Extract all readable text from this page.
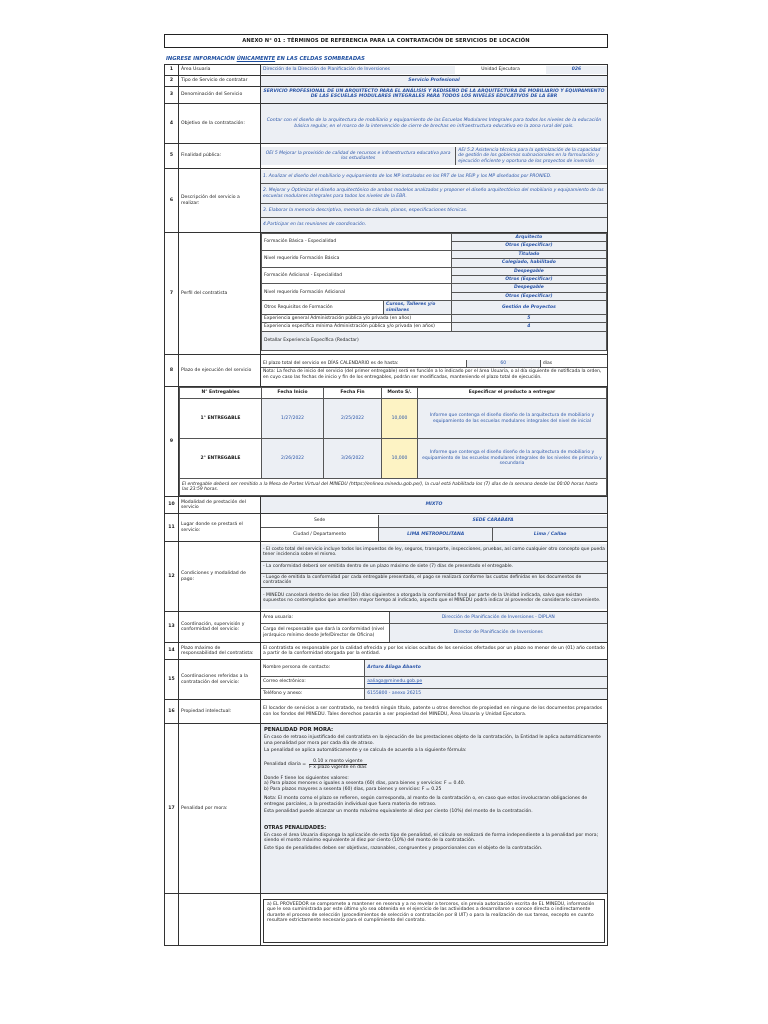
ANEXO N° 01 : TÉRMINOS DE REFERENCIA PARA LA CONTRATACIÓN DE SERVICIOS DE LOCACIÓN
INGRESE INFORMACIÓN ÚNICAMENTE EN LAS CELDAS SOMBREADAS
1	Área Usuaria		Dirección de la Dirección de Planificación de Inversiones	Unidad Ejecutora	026

2	Tipo de Servicio de contratar	Servicio Profesional
3	Denominación del Servicio	SERVICIO PROFESIONAL DE UN ARQUITECTO PARA EL ANÁLISIS Y REDISEÑO DE LA ARQUITECTURA DE MOBILIARIO Y EQUIPAMIENTO DE LAS ESCUELAS MODULARES INTEGRALES PARA TODOS LOS NIVELES EDUCATIVOS DE LA EBR
4	Objetivo de la contratación:	Contar con el diseño de la arquitectura de mobiliario y equipamiento de las Escuelas Modulares Integrales para todos los niveles de la educación básica regular, en el marco de la intervención de cierre de brechas en infraestructura educativa en la zona rural del país.
5	Finalidad pública:	
OEI 5 Mejorar la provisión de calidad de recursos e infraestructura educativa para los estudiantes	AEI 5.2 Asistencia técnica para la optimización de la capacidad de gestión de los gobiernos subnacionales en la formulación y ejecución eficiente y oportuna de los proyectos de inversión

6	Descripción del servicio a realizar:	
1. Analizar el diseño del mobiliario y equipamiento de los MP instalados en los PRT de las PEIP y los MP diseñados por PRONIED.
2. Mejorar y Optimizar el diseño arquitectónico de ambos modelos analizados y proponer el diseño arquitectónico del mobiliario y equipamiento de las escuelas modulares integrales para todos los niveles de la EBR.
3. Elaborar la memoria descriptiva, memoria de cálculo, planos, especificaciones técnicas.
4.Participar en las reuniones de coordinación.

7	Perfil del contratista	
Formación Básica - Especialidad	Arquitecto
Otros (Especificar)
Nivel requerido Formación Básica	Titulado
Colegiado, habilitado
Formación Adicional - Especialidad	Despegable
Otros (Especificar)
Nivel requerido Formación Adicional	Despegable
Otros (Especificar)

Otros Requisitos de Formación	Cursos, Talleres y/o similares
	Gestión de Proyectos
Experiencia general Administración pública y/o privada (en años)	5
Experiencia específica mínima Administración pública y/o privada (en años)	4
Detallar Experiencia Específica (Redactar)

8	Plazo de ejecución del servicio	
El plazo total del servicio en DÍAS CALENDARIO es de hasta:	60	días
Nota: La fecha de inicio del servicio (del primer entregable) será en función a lo indicado por el área Usuaria, o al día siguiente de notificada la orden, en cuyo caso las fechas de inicio y fin de los entregables, podrán ser modificadas, manteniendo el plazo total de ejecución.

9	
N° Entregables	Fecha Inicio	Fecha Fin	Monto S/.	Especificar el producto a entregar
1° ENTREGABLE	1/27/2022	2/25/2022	10,000	Informe que contenga el diseño diseño de la arquitectura de mobiliario y equipamiento de las escuelas modulares integrales del nivel de inicial
2° ENTREGABLE	2/26/2022	3/26/2022	10,000	Informe que contenga el diseño diseño de la arquitectura de mobiliario y equipamiento de las escuelas modulares integrales de los niveles de primaria y secundaria
El entregable deberá ser remitido a la Mesa de Partes Virtual del MINEDU (https://enlinea.minedu.gob.pe/), la cual está habilitada los (7) días de la semana desde las 00:00 horas hasta las 23:59 horas.

10	Modalidad de prestación del servicio	MIXTO
11	Lugar donde se prestará el servicio:	
Sede	SEDE CARABAYA
Ciudad / Departamento	LIMA METROPOLITANA	Lima / Callao

12	Condiciones y modalidad de pago:	
- El costo total del servicio incluye todos los impuestos de ley, seguros, transporte, inspecciones, pruebas, así como cualquier otro concepto que pueda tener incidencia sobre el mismo.
- La conformidad deberá ser emitida dentro de un plazo máximo de siete (7) días de presentado el entregable.
- Luego de emitida la conformidad por cada entregable presentado, el pago se realizará conforme las cuotas definidas en los documentos de contratación
- MINEDU cancelará dentro de los diez (10) días siguientes a otorgada la conformidad final por parte de la Unidad indicada, salvo que existan supuestos no contemplados que ameriten mayor tiempo al indicado, aspecto que el MINEDU podrá indicar al proveedor de considerarlo conveniente.

13	Coordinación, supervisión y conformidad del servicio:	
Área usuaria:	Dirección de Planificación de Inversiones - DIPLAN
Cargo del responsable que dará la conformidad (nivel jerárquico mínimo desde Jefe/Director de Oficina)	Director de Planificación de Inversiones

14	Plazo máximo de responsabilidad del contratista:	El contratista es responsable por la calidad ofrecida y por los vicios ocultos de los servicios ofertados por un plazo no menor de un (01) año contado a partir de la conformidad otorgada por la entidad.
15	Coordinaciones referidas a la contratación del servicio:	
Nombre persona de contacto:	Arturo Aliaga Abanto
Correo electrónico:	aaliaga@minedu.gob.pe
Teléfono y anexo:	6155800 - anexo 26215

16	Propiedad intelectual:	El locador de servicios a ser contratado, no tendrá ningún título, patente u otros derechos de propiedad en ninguno de los documentos preparados con los fondos del MINEDU. Tales derechos pasarán a ser propiedad del MINEDU, Área Usuaria y Unidad Ejecutora.
17	Penalidad por mora:	
PENALIDAD POR MORA:
En caso de retraso injustificado del contratista en la ejecución de las prestaciones objeto de la contratación, la Entidad le aplica automáticamente una penalidad por mora por cada día de atraso.
La penalidad se aplica automáticamente y se calcula de acuerdo a la siguiente fórmula:
Penalidad diaria =
0.10 x monto vigente
F x plazo vigente en días
Donde F tiene los siguientes valores:
a) Para plazos menores o iguales a sesenta (60) días, para bienes y servicios: F = 0.40.
b) Para plazos mayores a sesenta (60) días, para bienes y servicios: F = 0.25
Nota: El monto como el plazo se refieren, según corresponda, al monto de la contratación o, en caso que estos involucraran obligaciones de entregas parciales, a la prestación individual que fuera materia de retraso.
Esta penalidad puede alcanzar un monto máximo equivalente al diez por ciento (10%) del monto de la contratación.
OTRAS PENALIDADES:
En caso el área Usuaria disponga la aplicación de esta tipo de penalidad, el cálculo se realizará de forma independiente a la penalidad por mora; siendo el monto máximo equivalente al diez por ciento (10%) del monto de la contratación.
Este tipo de penalidades deben ser objetivas, razonables, congruentes y proporcionales con el objeto de la contratación.

a) EL PROVEEDOR se compromete a mantener en reserva y a no revelar a terceros, sin previa autorización escrita de EL MINEDU, información que le sea suministrada por este último y/o sea obtenida en el ejercicio de las actividades a desarrollarse o conoce directa o indirectamente durante el proceso de selección (procedimientos de selección o contratación por 8 UIT) o para la realización de sus tareas, excepto en cuanto resultare estrictamente necesario para el cumplimiento del contrato.
